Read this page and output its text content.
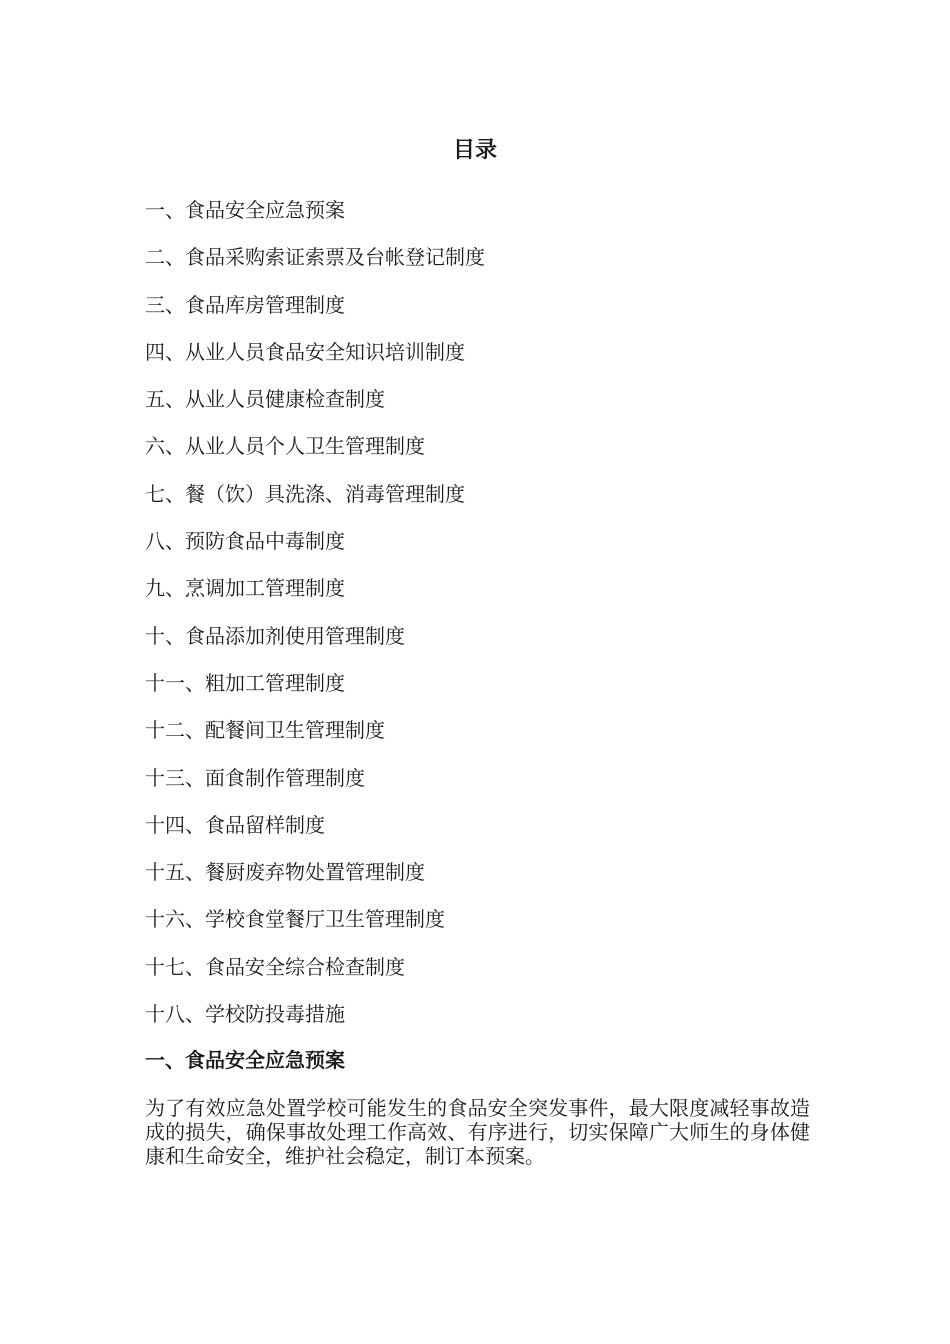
目录
一、食品安全应急预案
二、食品采购索证索票及台帐登记制度
三、食品库房管理制度
四、从业人员食品安全知识培训制度
五、从业人员健康检查制度
六、从业人员个人卫生管理制度
七、餐（饮）具洗涤、消毒管理制度
八、预防食品中毒制度
九、烹调加工管理制度
十、食品添加剂使用管理制度
十一、粗加工管理制度
十二、配餐间卫生管理制度
十三、面食制作管理制度
十四、食品留样制度
十五、餐厨废弃物处置管理制度
十六、学校食堂餐厅卫生管理制度
十七、食品安全综合检查制度
十八、学校防投毒措施
一、食品安全应急预案

为了有效应急处置学校可能发生的食品安全突发事件，最大限度减轻事故造成的损失，确保事故处理工作高效、有序进行，切实保障广大师生的身体健康和生命安全，维护社会稳定，制订本预案。
